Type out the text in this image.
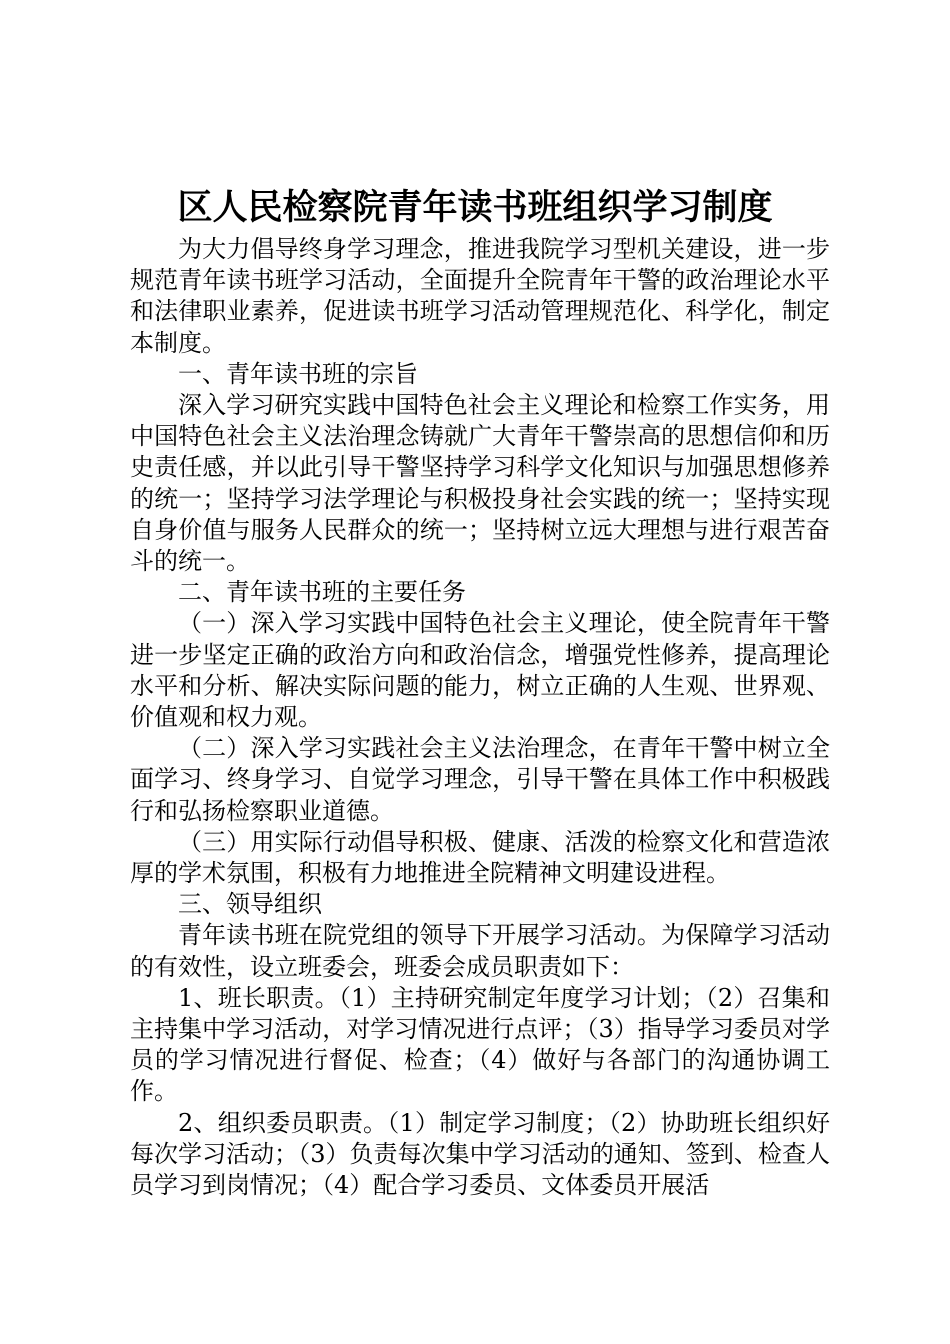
区人民检察院青年读书班组织学习制度

为大力倡导终身学习理念，推进我院学习型机关建设，进一步规范青年读书班学习活动，全面提升全院青年干警的政治理论水平和法律职业素养，促进读书班学习活动管理规范化、科学化，制定本制度。

一、青年读书班的宗旨

深入学习研究实践中国特色社会主义理论和检察工作实务，用中国特色社会主义法治理念铸就广大青年干警崇高的思想信仰和历史责任感，并以此引导干警坚持学习科学文化知识与加强思想修养的统一；坚持学习法学理论与积极投身社会实践的统一；坚持实现自身价值与服务人民群众的统一；坚持树立远大理想与进行艰苦奋斗的统一。

二、青年读书班的主要任务

（一）深入学习实践中国特色社会主义理论，使全院青年干警进一步坚定正确的政治方向和政治信念，增强党性修养，提高理论水平和分析、解决实际问题的能力，树立正确的人生观、世界观、价值观和权力观。

（二）深入学习实践社会主义法治理念，在青年干警中树立全面学习、终身学习、自觉学习理念，引导干警在具体工作中积极践行和弘扬检察职业道德。

（三）用实际行动倡导积极、健康、活泼的检察文化和营造浓厚的学术氛围，积极有力地推进全院精神文明建设进程。

三、领导组织

青年读书班在院党组的领导下开展学习活动。为保障学习活动的有效性，设立班委会，班委会成员职责如下：

1、班长职责。（1）主持研究制定年度学习计划；（2）召集和主持集中学习活动，对学习情况进行点评；（3）指导学习委员对学员的学习情况进行督促、检查；（4）做好与各部门的沟通协调工作。

2、组织委员职责。（1）制定学习制度；（2）协助班长组织好每次学习活动；（3）负责每次集中学习活动的通知、签到、检查人员学习到岗情况；（4）配合学习委员、文体委员开展活
